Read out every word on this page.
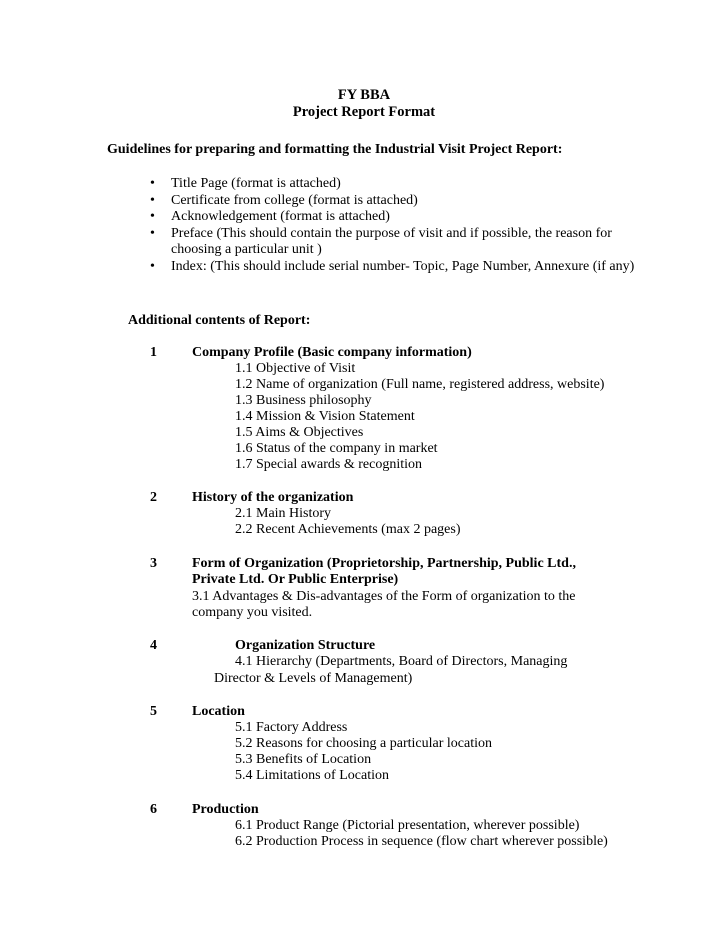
FY BBA
Project Report Format
Guidelines for preparing and formatting the Industrial Visit Project Report:
• Title Page (format is attached)
• Certificate from college (format is attached)
• Acknowledgement (format is attached)
• Preface (This should contain the purpose of visit and if possible, the reason for choosing a particular unit )
• Index: (This should include serial number- Topic, Page Number, Annexure (if any)
Additional contents of Report:
1	Company Profile (Basic company information)
1.1 Objective of Visit
1.2 Name of organization (Full name, registered address, website)
1.3 Business philosophy
1.4 Mission & Vision Statement
1.5 Aims & Objectives
1.6 Status of the company in market
1.7 Special awards & recognition
2	History of the organization
2.1 Main History
2.2 Recent Achievements (max 2 pages)
3	Form of Organization (Proprietorship, Partnership, Public Ltd.,
Private Ltd. Or Public Enterprise)
3.1 Advantages & Dis-advantages of the Form of organization to the
company you visited.
4	Organization Structure
4.1 Hierarchy (Departments, Board of Directors, Managing
Director & Levels of Management)
5	Location
5.1 Factory Address
5.2 Reasons for choosing a particular location
5.3 Benefits of Location
5.4 Limitations of Location
6	Production
6.1 Product Range (Pictorial presentation, wherever possible)
6.2 Production Process in sequence (flow chart wherever possible)
